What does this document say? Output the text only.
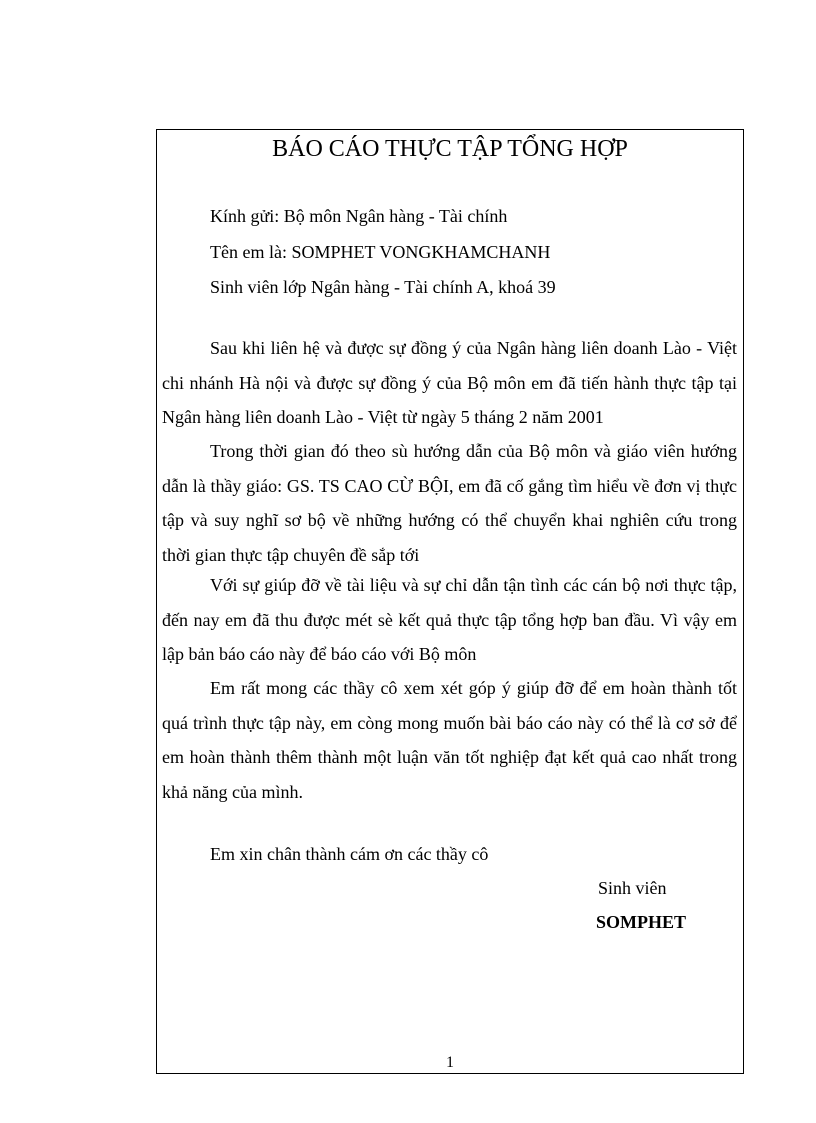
BÁO CÁO THỰC TẬP TỔNG HỢP
Kính gửi: Bộ môn Ngân hàng - Tài chính
Tên em là: SOMPHET VONGKHAMCHANH
Sinh viên lớp Ngân hàng - Tài chính A, khoá 39

Sau khi liên hệ và được sự đồng ý của Ngân hàng liên doanh Lào - Việt chi nhánh Hà nội và được sự đồng ý của Bộ môn em đã tiến hành thực tập tại Ngân hàng liên doanh Lào - Việt từ ngày 5 tháng 2 năm 2001

Trong thời gian đó theo sù hướng dẫn của Bộ môn và giáo viên hướng dẫn là thầy giáo: GS. TS CAO CỪ BỘI, em đã cố gắng tìm hiểu về đơn vị thực tập và suy nghĩ sơ bộ về những hướng có thể chuyển khai nghiên cứu trong thời gian thực tập chuyên đề sắp tới

Với sự giúp đỡ về tài liệu và sự chỉ dẫn tận tình các cán bộ nơi thực tập, đến nay em đã thu được mét sè kết quả thực tập tổng hợp ban đầu. Vì vậy em lập bản báo cáo này để báo cáo với Bộ môn

Em rất mong các thầy cô xem xét góp ý giúp đỡ để em hoàn thành tốt quá trình thực tập này, em còng mong muốn bài báo cáo này có thể là cơ sở để em hoàn thành thêm thành một luận văn tốt nghiệp đạt kết quả cao nhất trong khả năng của mình.

Em xin chân thành cám ơn các thầy cô
Sinh viên
SOMPHET
1
